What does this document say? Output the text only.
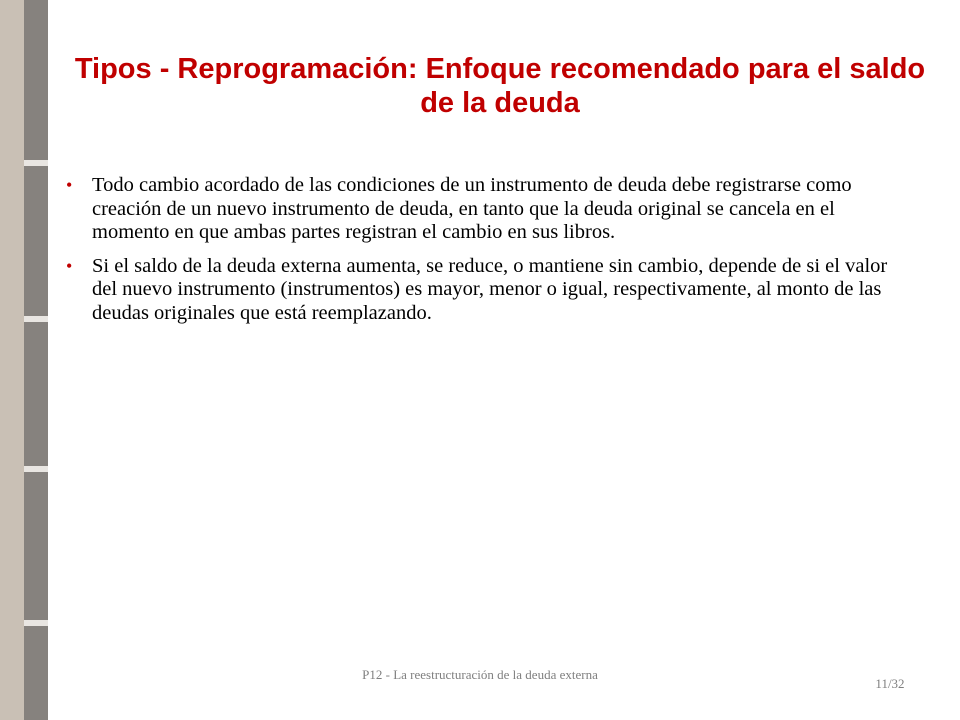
Tipos - Reprogramación: Enfoque recomendado para el saldo de la deuda
• Todo cambio acordado de las condiciones de un instrumento de deuda debe registrarse como creación de un nuevo instrumento de deuda, en tanto que la deuda original se cancela en el momento en que ambas partes registran el cambio en sus libros.
• Si el saldo de la deuda externa aumenta, se reduce, o mantiene sin cambio, depende de si el valor del nuevo instrumento (instrumentos) es mayor, menor o igual, respectivamente, al monto de las deudas originales que está reemplazando.
P12 - La reestructuración de la deuda externa
11/32
